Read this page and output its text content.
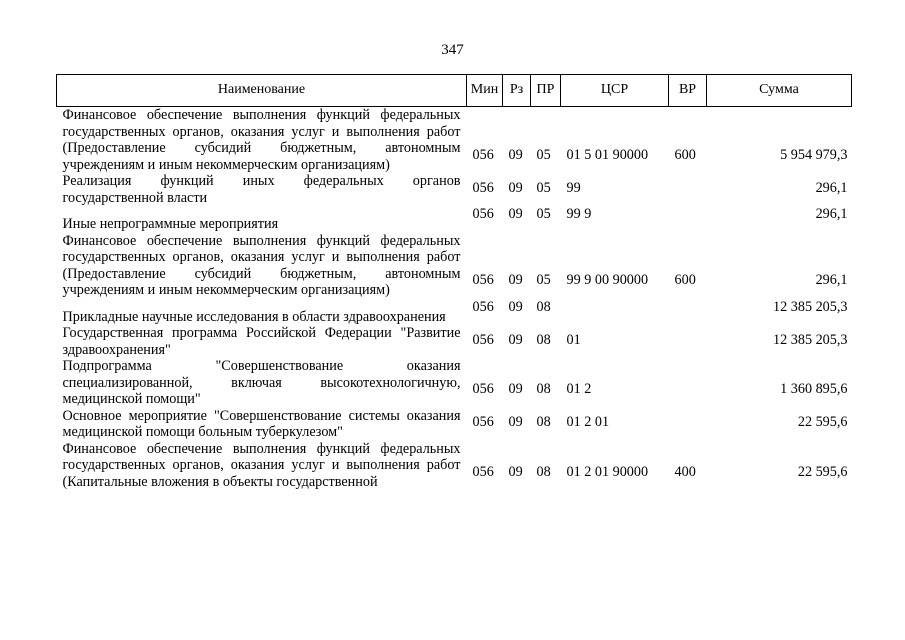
347
Наименование	Мин	Рз	ПР	ЦСР	ВР	Сумма
Финансовое обеспечение выполнения функций федеральных государственных органов, оказания услуг и выполнения работ (Предоставление субсидий бюджетным, автономным учреждениям и иным некоммерческим организациям)	056	09	05	01 5 01 90000	600	5 954 979,3
Реализация функций иных федеральных органов государственной власти	056	09	05	99		296,1
Иные непрограммные мероприятия	056	09	05	99 9		296,1
Финансовое обеспечение выполнения функций федеральных государственных органов, оказания услуг и выполнения работ (Предоставление субсидий бюджетным, автономным учреждениям и иным некоммерческим организациям)	056	09	05	99 9 00 90000	600	296,1
Прикладные научные исследования в области здравоохранения	056	09	08			12 385 205,3
Государственная программа Российской Федерации "Развитие здравоохранения"	056	09	08	01		12 385 205,3
Подпрограмма "Совершенствование оказания специализированной, включая высокотехнологичную, медицинской помощи"	056	09	08	01 2		1 360 895,6
Основное мероприятие "Совершенствование системы оказания медицинской помощи больным туберкулезом"	056	09	08	01 2 01		22 595,6
Финансовое обеспечение выполнения функций федеральных государственных органов, оказания услуг и выполнения работ (Капитальные вложения в объекты государственной	056	09	08	01 2 01 90000	400	22 595,6
